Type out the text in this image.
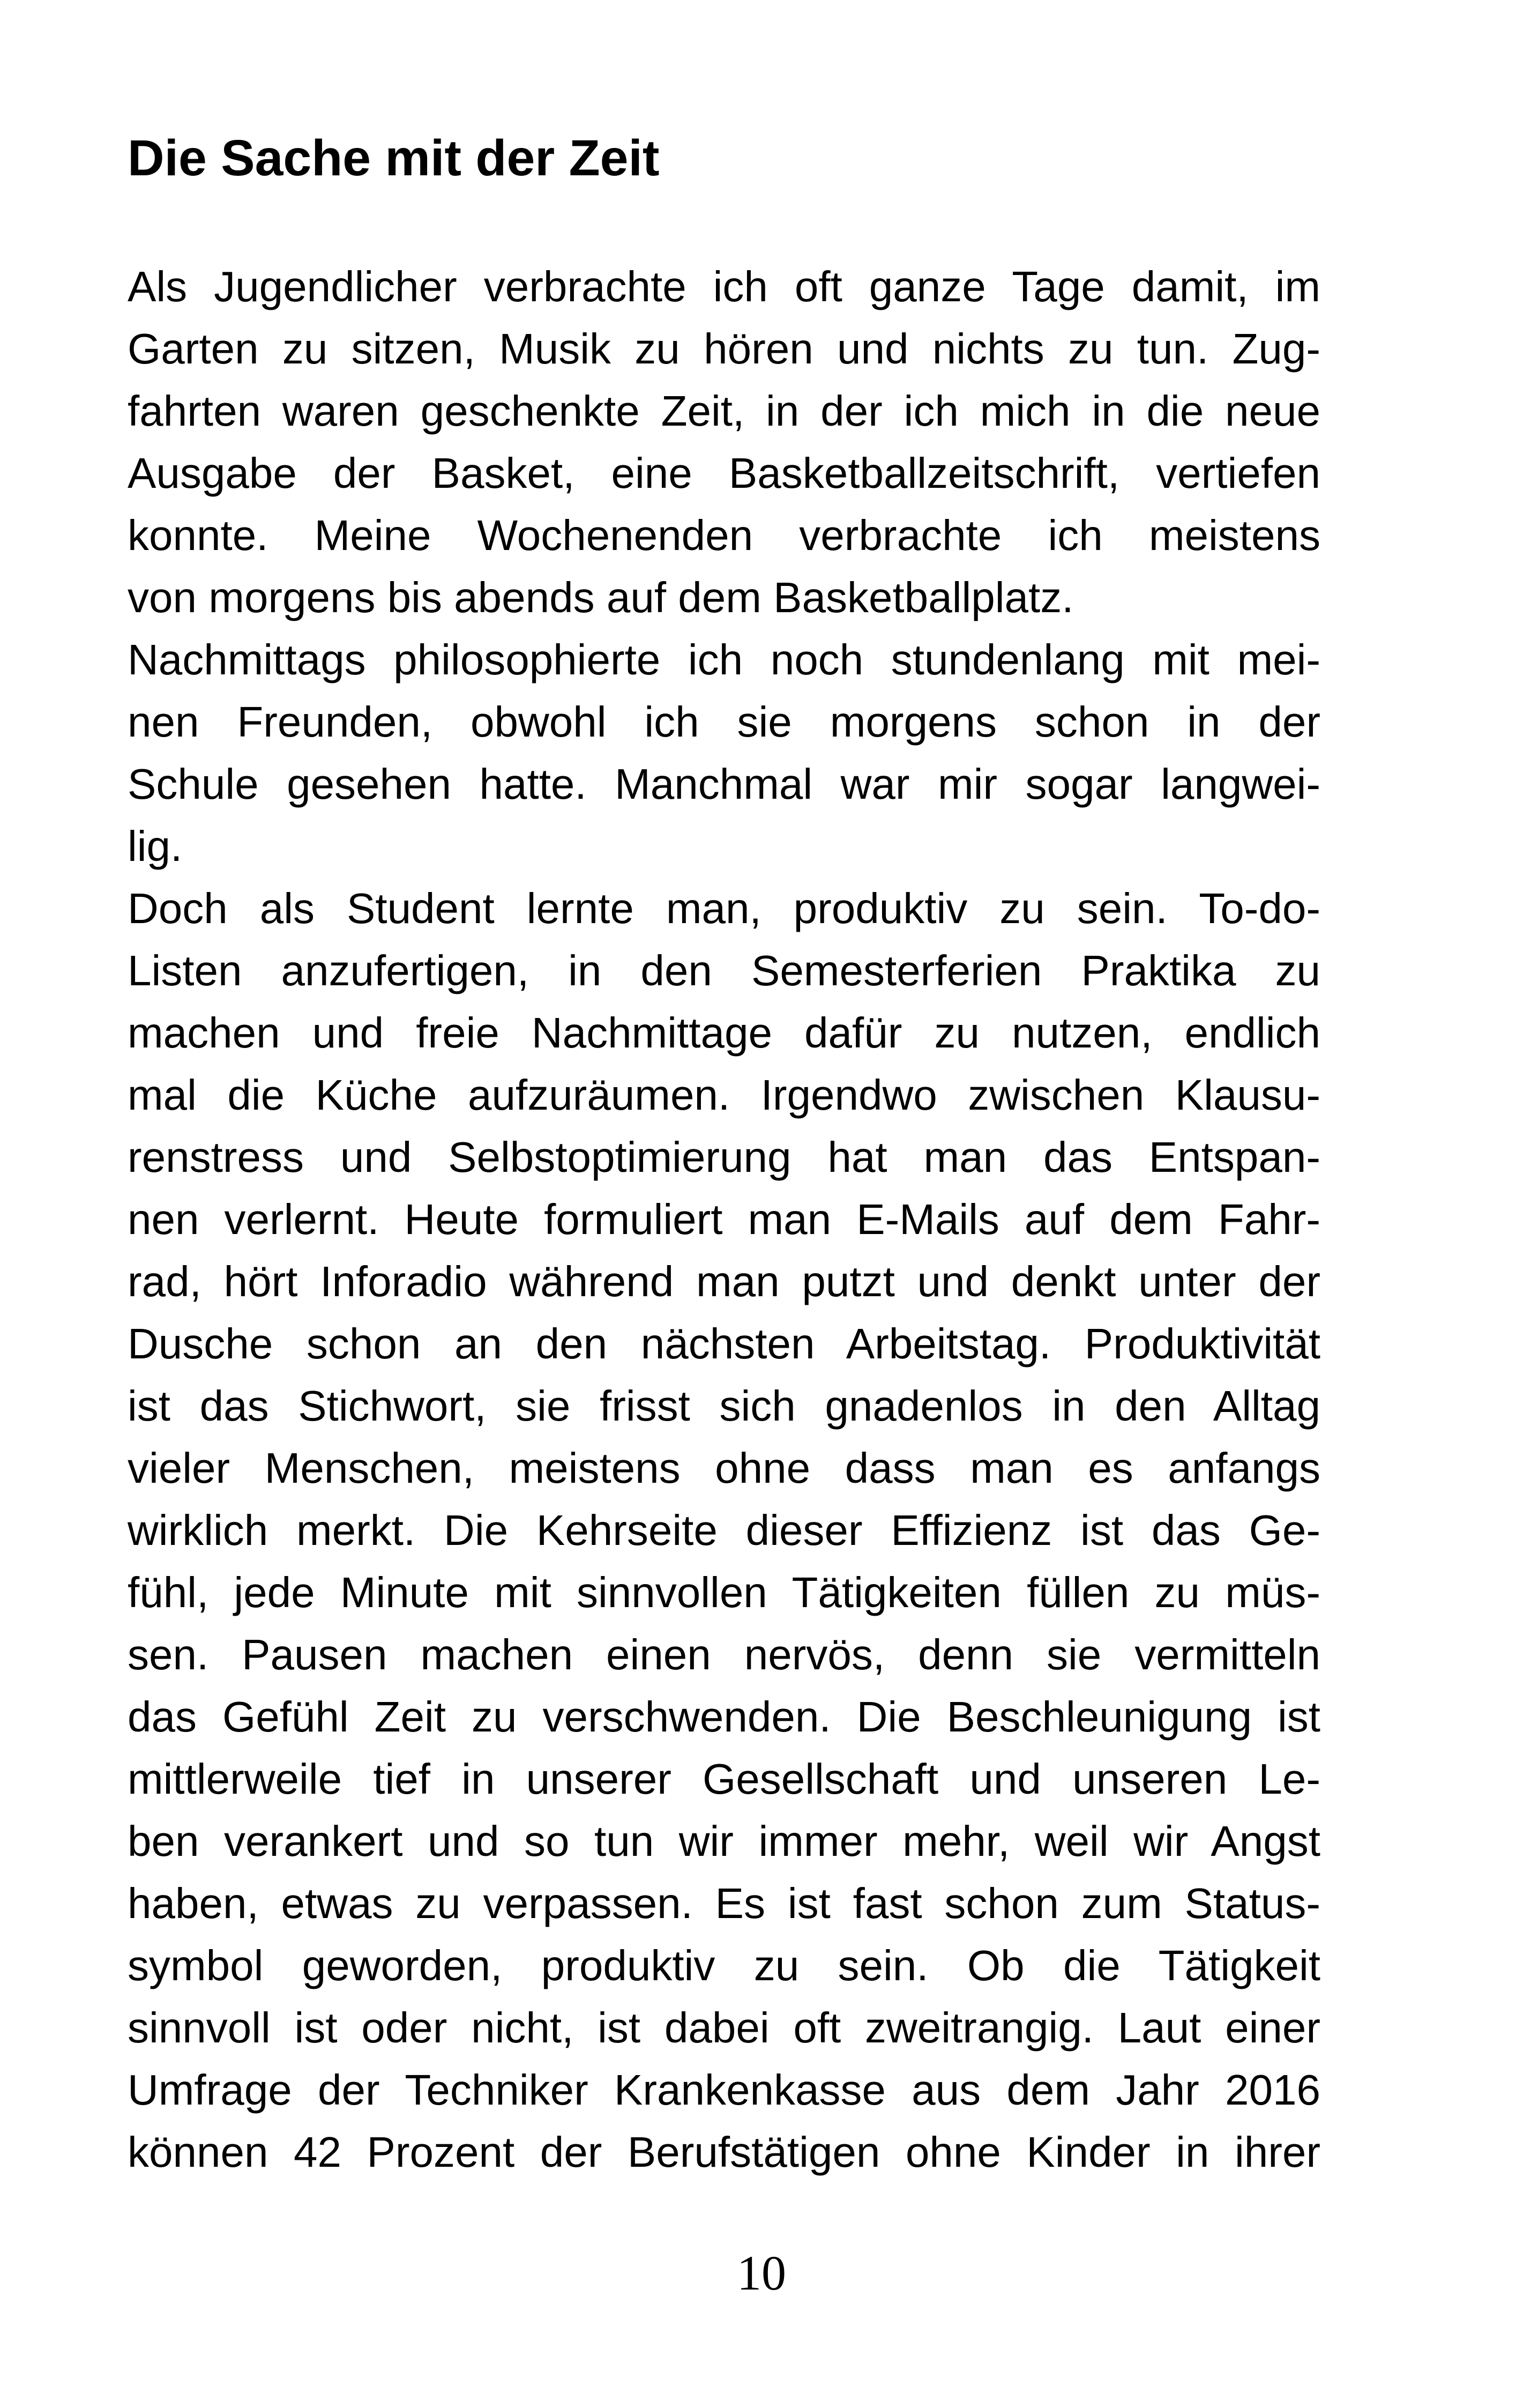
Die Sache mit der Zeit
Als Jugendlicher verbrachte ich oft ganze Tage damit, im
Garten zu sitzen, Musik zu hören und nichts zu tun. Zug-
fahrten waren geschenkte Zeit, in der ich mich in die neue
Ausgabe der Basket, eine Basketballzeitschrift, vertiefen
konnte. Meine Wochenenden verbrachte ich meistens
von morgens bis abends auf dem Basketballplatz.
Nachmittags philosophierte ich noch stundenlang mit mei-
nen Freunden, obwohl ich sie morgens schon in der
Schule gesehen hatte. Manchmal war mir sogar langwei-
lig.
Doch als Student lernte man, produktiv zu sein. To-do-
Listen anzufertigen, in den Semesterferien Praktika zu
machen und freie Nachmittage dafür zu nutzen, endlich
mal die Küche aufzuräumen. Irgendwo zwischen Klausu-
renstress und Selbstoptimierung hat man das Entspan-
nen verlernt. Heute formuliert man E-Mails auf dem Fahr-
rad, hört Inforadio während man putzt und denkt unter der
Dusche schon an den nächsten Arbeitstag. Produktivität
ist das Stichwort, sie frisst sich gnadenlos in den Alltag
vieler Menschen, meistens ohne dass man es anfangs
wirklich merkt. Die Kehrseite dieser Effizienz ist das Ge-
fühl, jede Minute mit sinnvollen Tätigkeiten füllen zu müs-
sen. Pausen machen einen nervös, denn sie vermitteln
das Gefühl Zeit zu verschwenden. Die Beschleunigung ist
mittlerweile tief in unserer Gesellschaft und unseren Le-
ben verankert und so tun wir immer mehr, weil wir Angst
haben, etwas zu verpassen. Es ist fast schon zum Status-
symbol geworden, produktiv zu sein. Ob die Tätigkeit
sinnvoll ist oder nicht, ist dabei oft zweitrangig. Laut einer
Umfrage der Techniker Krankenkasse aus dem Jahr 2016
können 42 Prozent der Berufstätigen ohne Kinder in ihrer
10
